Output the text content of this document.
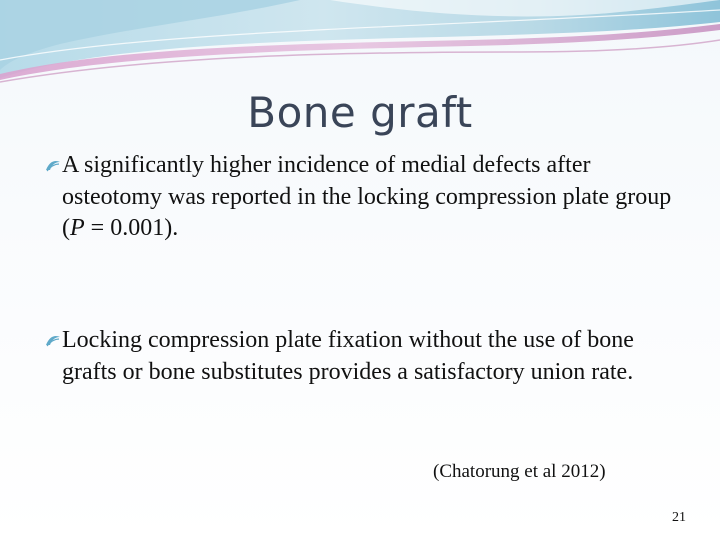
Bone graft
A significantly higher incidence of medial defects after osteotomy was reported in the locking compression plate group (P = 0.001).
Locking compression plate fixation without the use of bone grafts or bone substitutes provides a satisfactory union rate.
(Chatorung et al 2012)
21
